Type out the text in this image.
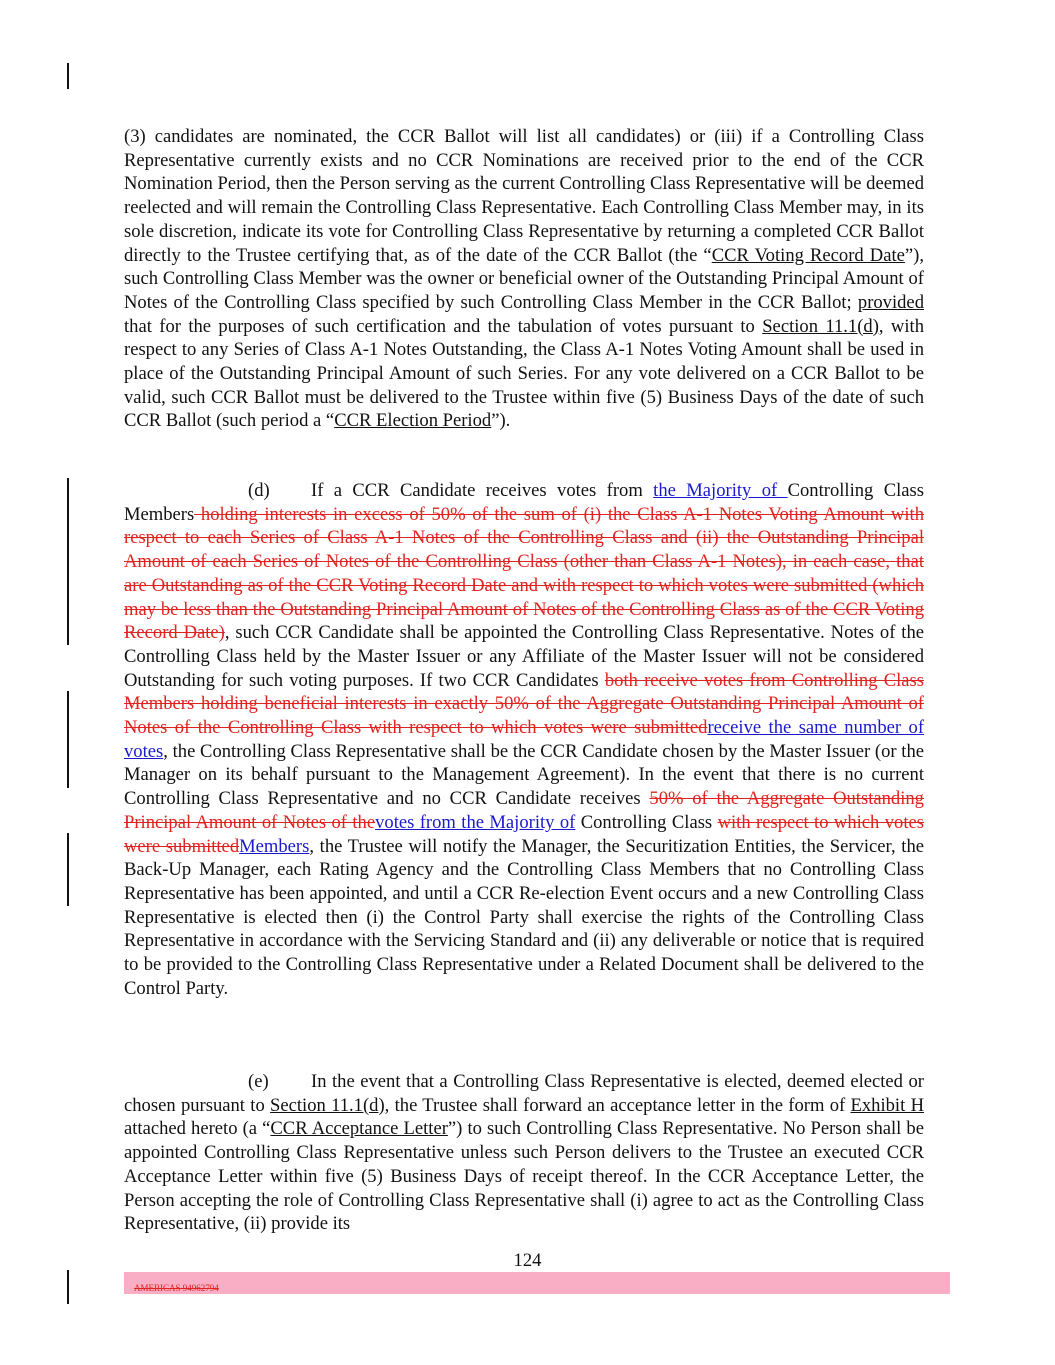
(3) candidates are nominated, the CCR Ballot will list all candidates) or (iii) if a Controlling Class Representative currently exists and no CCR Nominations are received prior to the end of the CCR Nomination Period, then the Person serving as the current Controlling Class Representative will be deemed reelected and will remain the Controlling Class Representative. Each Controlling Class Member may, in its sole discretion, indicate its vote for Controlling Class Representative by returning a completed CCR Ballot directly to the Trustee certifying that, as of the date of the CCR Ballot (the “CCR Voting Record Date”), such Controlling Class Member was the owner or beneficial owner of the Outstanding Principal Amount of Notes of the Controlling Class specified by such Controlling Class Member in the CCR Ballot; provided that for the purposes of such certification and the tabulation of votes pursuant to Section 11.1(d), with respect to any Series of Class A-1 Notes Outstanding, the Class A-1 Notes Voting Amount shall be used in place of the Outstanding Principal Amount of such Series. For any vote delivered on a CCR Ballot to be valid, such CCR Ballot must be delivered to the Trustee within five (5) Business Days of the date of such CCR Ballot (such period a “CCR Election Period”).

(d) If a CCR Candidate receives votes from the Majority of Controlling Class Members holding interests in excess of 50% of the sum of (i) the Class A-1 Notes Voting Amount with respect to each Series of Class A-1 Notes of the Controlling Class and (ii) the Outstanding Principal Amount of each Series of Notes of the Controlling Class (other than Class A-1 Notes), in each case, that are Outstanding as of the CCR Voting Record Date and with respect to which votes were submitted (which may be less than the Outstanding Principal Amount of Notes of the Controlling Class as of the CCR Voting Record Date), such CCR Candidate shall be appointed the Controlling Class Representative. Notes of the Controlling Class held by the Master Issuer or any Affiliate of the Master Issuer will not be considered Outstanding for such voting purposes. If two CCR Candidates both receive votes from Controlling Class Members holding beneficial interests in exactly 50% of the Aggregate Outstanding Principal Amount of Notes of the Controlling Class with respect to which votes were submittedreceive the same number of votes, the Controlling Class Representative shall be the CCR Candidate chosen by the Master Issuer (or the Manager on its behalf pursuant to the Management Agreement). In the event that there is no current Controlling Class Representative and no CCR Candidate receives 50% of the Aggregate Outstanding Principal Amount of Notes of thevotes from the Majority of Controlling Class with respect to which votes were submittedMembers, the Trustee will notify the Manager, the Securitization Entities, the Servicer, the Back-Up Manager, each Rating Agency and the Controlling Class Members that no Controlling Class Representative has been appointed, and until a CCR Re-election Event occurs and a new Controlling Class Representative is elected then (i) the Control Party shall exercise the rights of the Controlling Class Representative in accordance with the Servicing Standard and (ii) any deliverable or notice that is required to be provided to the Controlling Class Representative under a Related Document shall be delivered to the Control Party.

(e) In the event that a Controlling Class Representative is elected, deemed elected or chosen pursuant to Section 11.1(d), the Trustee shall forward an acceptance letter in the form of Exhibit H attached hereto (a “CCR Acceptance Letter”) to such Controlling Class Representative. No Person shall be appointed Controlling Class Representative unless such Person delivers to the Trustee an executed CCR Acceptance Letter within five (5) Business Days of receipt thereof. In the CCR Acceptance Letter, the Person accepting the role of Controlling Class Representative shall (i) agree to act as the Controlling Class Representative, (ii) provide its

124
AMERICAS 94962794
